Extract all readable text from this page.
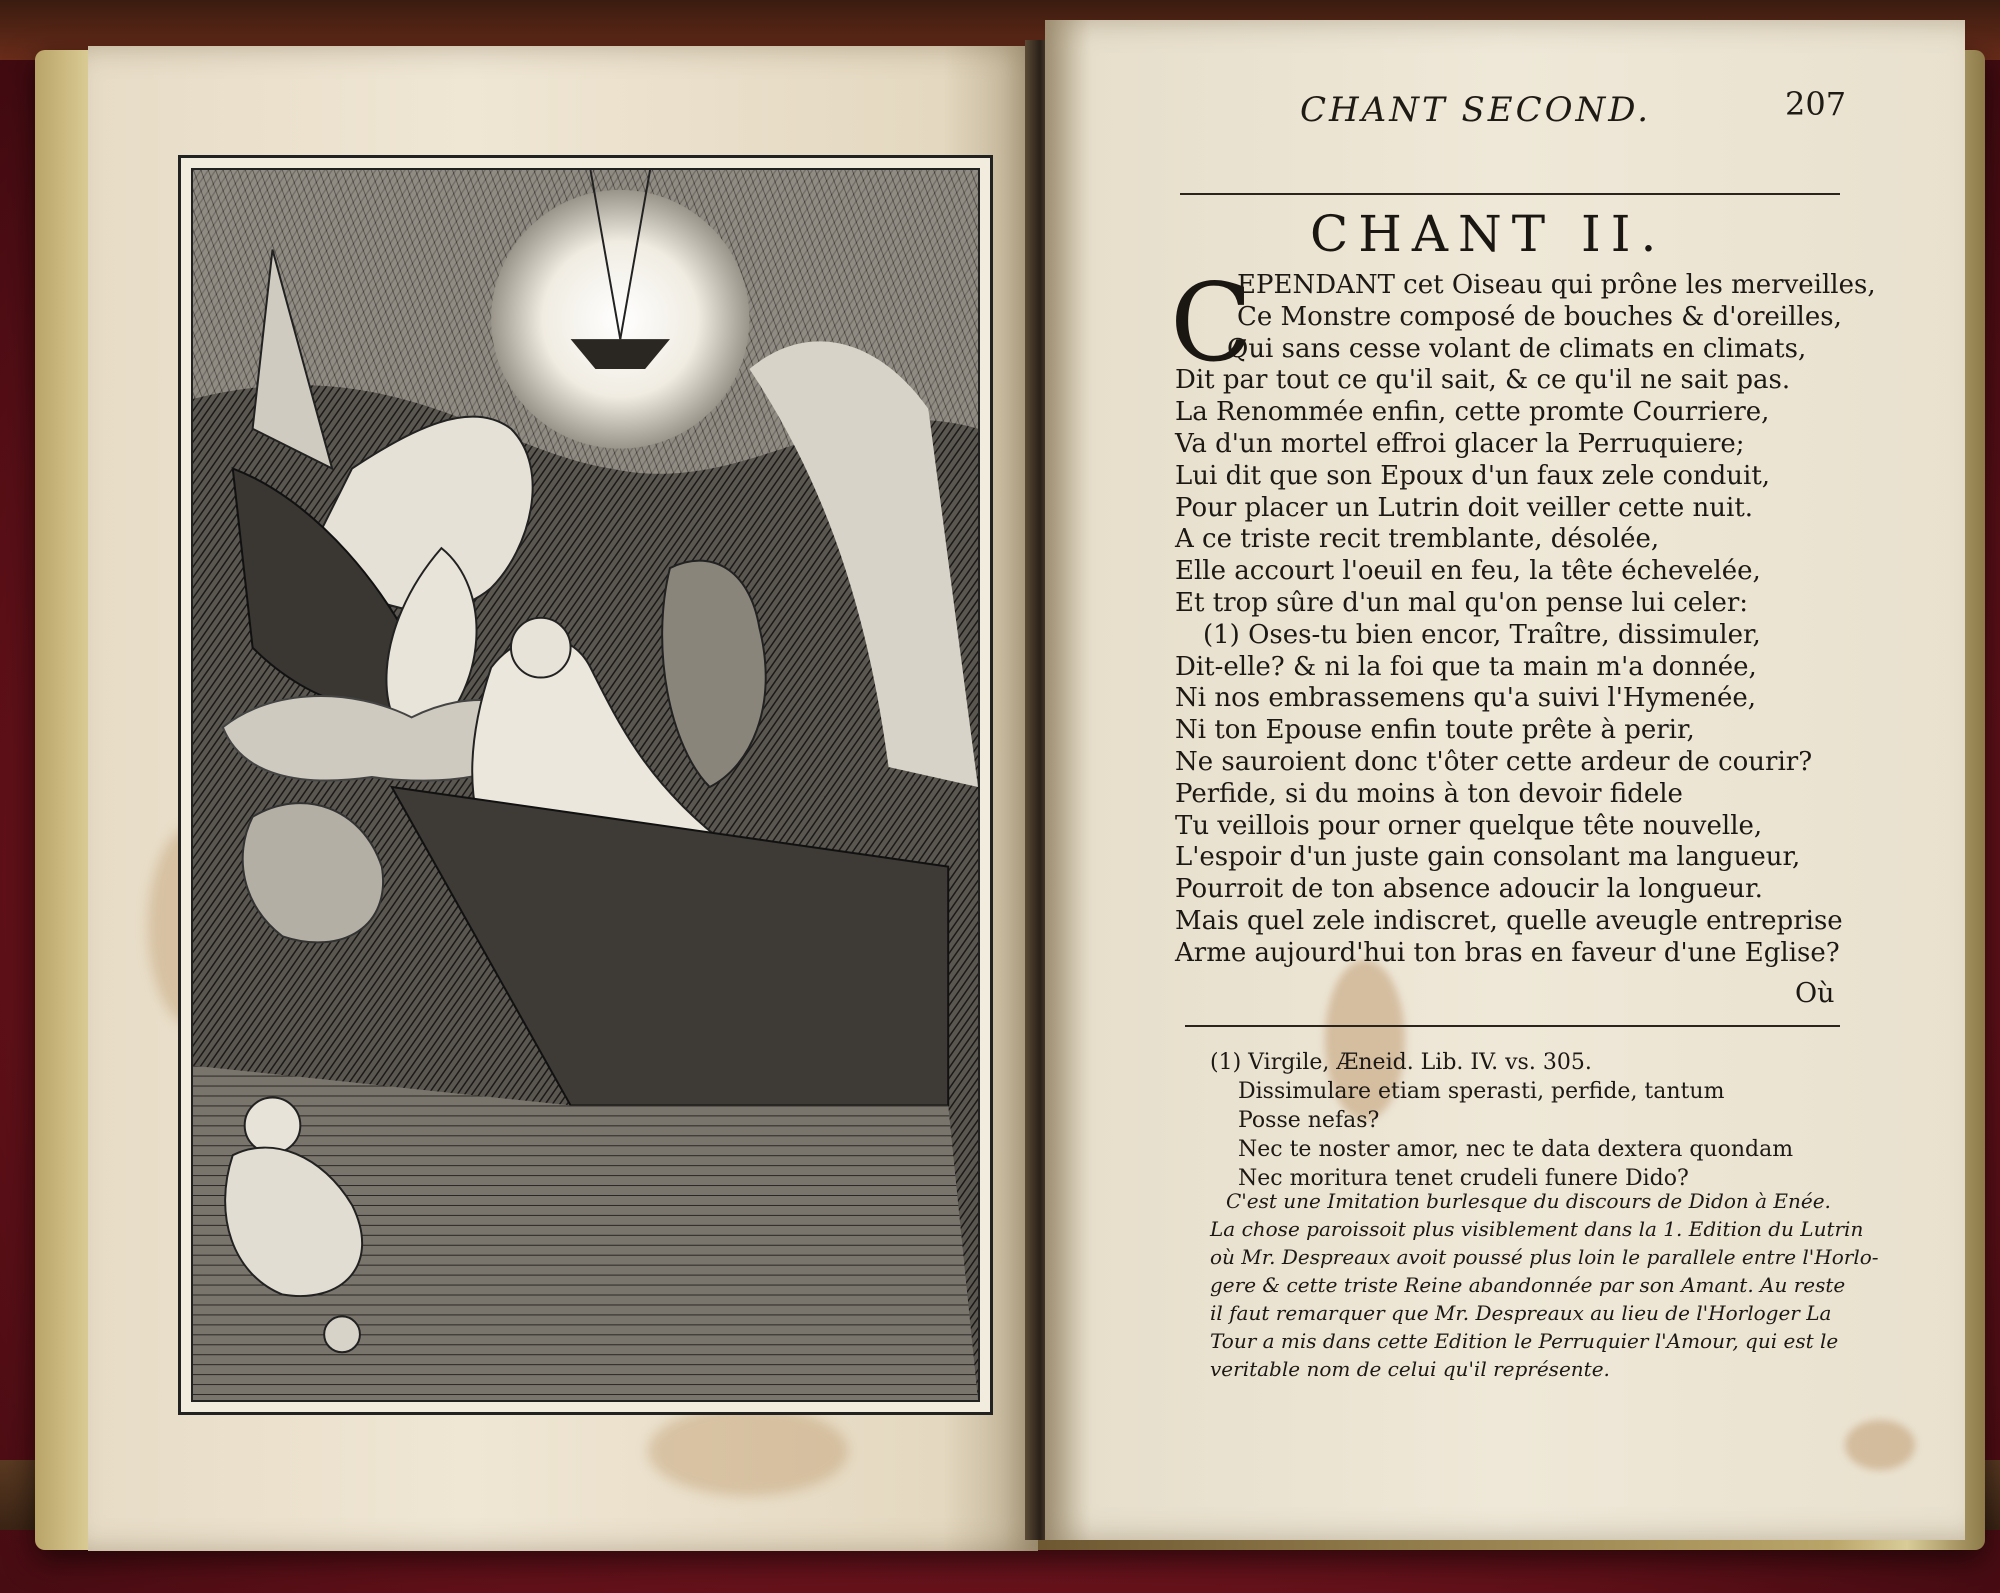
CHANT SECOND.	207
CHANT II.
C
EPENDANT cet Oiseau qui prône les merveilles,
Ce Monstre composé de bouches & d'oreilles,
Qui sans cesse volant de climats en climats,
Dit par tout ce qu'il sait, & ce qu'il ne sait pas.
La Renommée enfin, cette promte Courriere,
Va d'un mortel effroi glacer la Perruquiere;
Lui dit que son Epoux d'un faux zele conduit,
Pour placer un Lutrin doit veiller cette nuit.
A ce triste recit tremblante, désolée,
Elle accourt l'oeuil en feu, la tête échevelée,
Et trop sûre d'un mal qu'on pense lui celer:
(1) Oses-tu bien encor, Traître, dissimuler,
Dit-elle? & ni la foi que ta main m'a donnée,
Ni nos embrassemens qu'a suivi l'Hymenée,
Ni ton Epouse enfin toute prête à perir,
Ne sauroient donc t'ôter cette ardeur de courir?
Perfide, si du moins à ton devoir fidele
Tu veillois pour orner quelque tête nouvelle,
L'espoir d'un juste gain consolant ma langueur,
Pourroit de ton absence adoucir la longueur.
Mais quel zele indiscret, quelle aveugle entreprise
Arme aujourd'hui ton bras en faveur d'une Eglise?
Où
(1) Virgile, Æneid. Lib. IV. vs. 305.
Dissimulare etiam sperasti, perfide, tantum
Posse nefas?
Nec te noster amor, nec te data dextera quondam
Nec moritura tenet crudeli funere Dido?
C'est une Imitation burlesque du discours de Didon à Enée.
La chose paroissoit plus visiblement dans la 1. Edition du Lutrin
où Mr. Despreaux avoit poussé plus loin le parallele entre l'Horlo-
gere & cette triste Reine abandonnée par son Amant. Au reste
il faut remarquer que Mr. Despreaux au lieu de l'Horloger La
Tour a mis dans cette Edition le Perruquier l'Amour, qui est le
veritable nom de celui qu'il représente.
